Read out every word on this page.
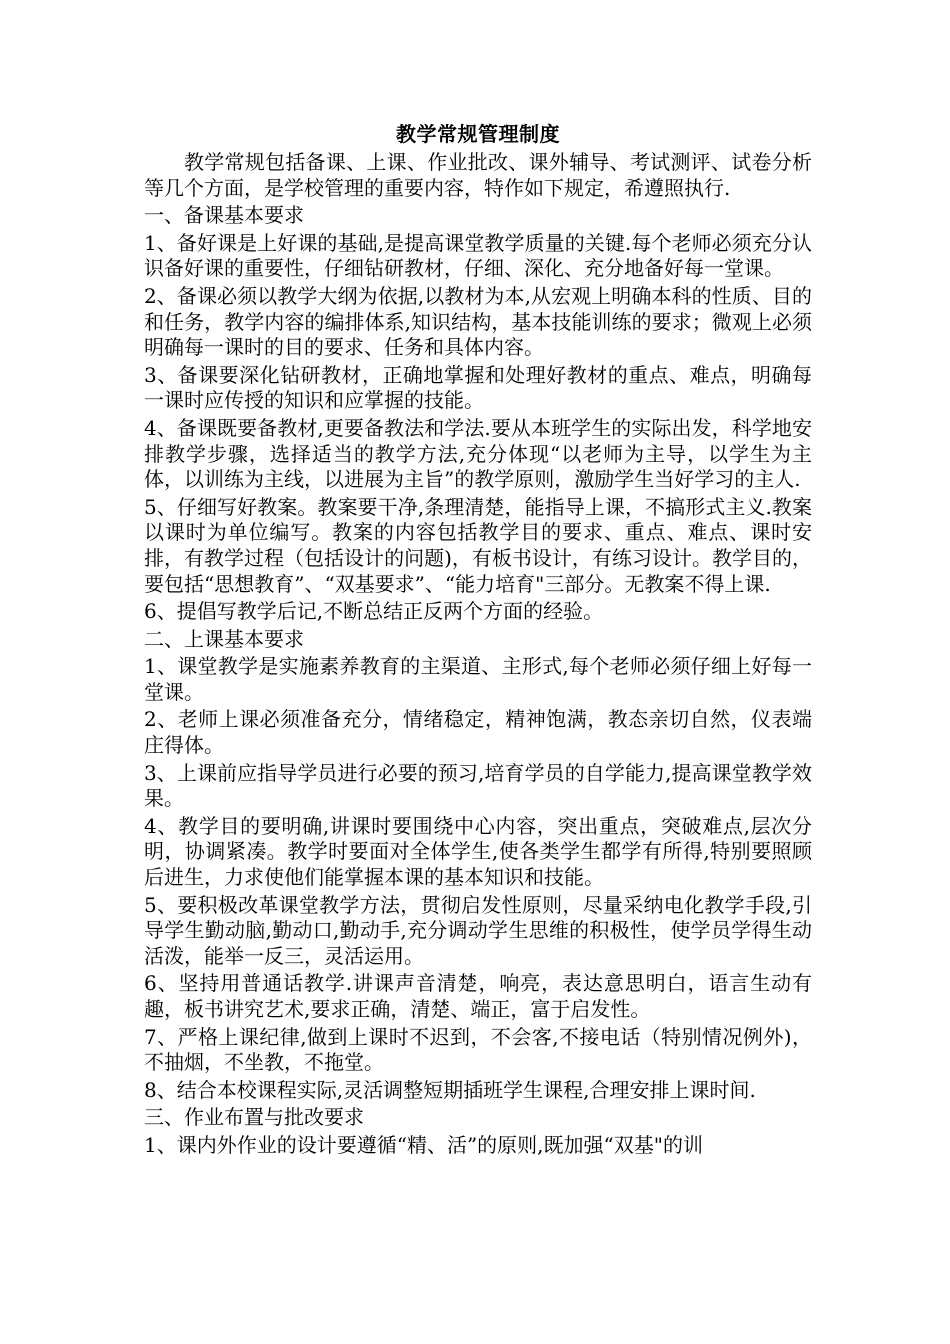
教学常规管理制度

教学常规包括备课、上课、作业批改、课外辅导、考试测评、试卷分析等几个方面，是学校管理的重要内容，特作如下规定，希遵照执行.

一、备课基本要求

1、备好课是上好课的基础,是提高课堂教学质量的关键.每个老师必须充分认识备好课的重要性，仔细钻研教材，仔细、深化、充分地备好每一堂课。

2、备课必须以教学大纲为依据,以教材为本,从宏观上明确本科的性质、目的和任务，教学内容的编排体系,知识结构，基本技能训练的要求；微观上必须明确每一课时的目的要求、任务和具体内容。

3、备课要深化钻研教材，正确地掌握和处理好教材的重点、难点，明确每一课时应传授的知识和应掌握的技能。

4、备课既要备教材,更要备教法和学法.要从本班学生的实际出发，科学地安排教学步骤，选择适当的教学方法,充分体现“以老师为主导，以学生为主体，以训练为主线，以进展为主旨”的教学原则，激励学生当好学习的主人.

5、仔细写好教案。教案要干净,条理清楚，能指导上课，不搞形式主义.教案以课时为单位编写。教案的内容包括教学目的要求、重点、难点、课时安排，有教学过程（包括设计的问题)，有板书设计，有练习设计。教学目的，要包括“思想教育”、“双基要求”、“能力培育"三部分。无教案不得上课.

6、提倡写教学后记,不断总结正反两个方面的经验。

二、上课基本要求

1、课堂教学是实施素养教育的主渠道、主形式,每个老师必须仔细上好每一堂课。

2、老师上课必须准备充分，情绪稳定，精神饱满，教态亲切自然，仪表端庄得体。

3、上课前应指导学员进行必要的预习,培育学员的自学能力,提高课堂教学效果。

4、教学目的要明确,讲课时要围绕中心内容，突出重点，突破难点,层次分明，协调紧凑。教学时要面对全体学生,使各类学生都学有所得,特别要照顾后进生，力求使他们能掌握本课的基本知识和技能。

5、要积极改革课堂教学方法，贯彻启发性原则，尽量采纳电化教学手段,引导学生勤动脑,勤动口,勤动手,充分调动学生思维的积极性，使学员学得生动活泼，能举一反三，灵活运用。

6、坚持用普通话教学.讲课声音清楚，响亮，表达意思明白，语言生动有趣，板书讲究艺术,要求正确，清楚、端正，富于启发性。

7、严格上课纪律,做到上课时不迟到，不会客,不接电话（特别情况例外)，不抽烟，不坐教，不拖堂。

8、结合本校课程实际,灵活调整短期插班学生课程,合理安排上课时间.

三、作业布置与批改要求

1、课内外作业的设计要遵循“精、活”的原则,既加强“双基"的训
